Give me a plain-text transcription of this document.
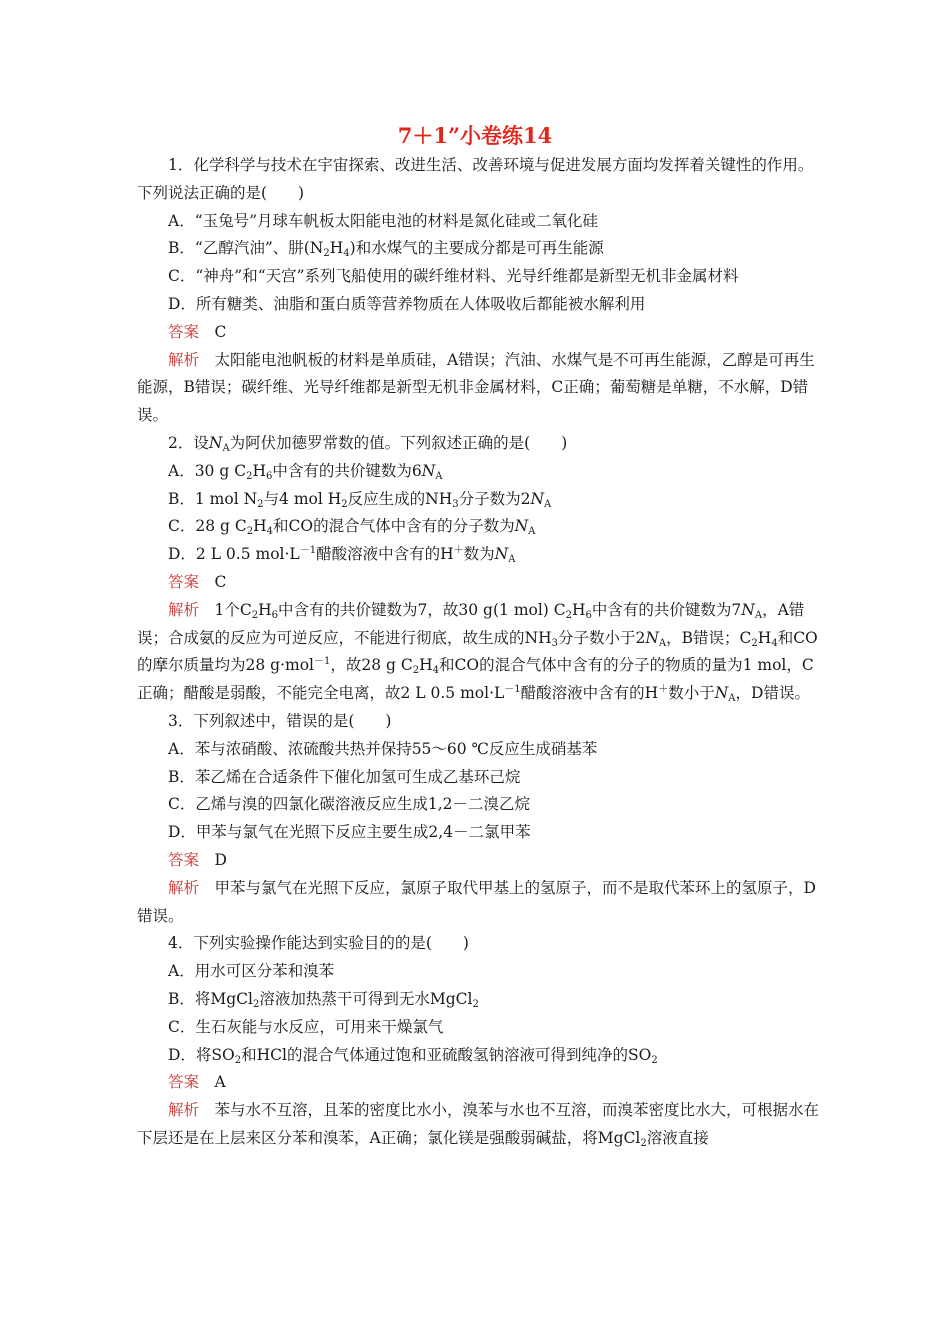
7＋1”小卷练14

1．化学科学与技术在宇宙探索、改进生活、改善环境与促进发展方面均发挥着关键性的作用。下列说法正确的是(　　)

A．“玉兔号”月球车帆板太阳能电池的材料是氮化硅或二氧化硅

B．“乙醇汽油”、肼$(N_2H_4)$和水煤气的主要成分都是可再生能源

C．“神舟”和“天宫”系列飞船使用的碳纤维材料、光导纤维都是新型无机非金属材料

D．所有糖类、油脂和蛋白质等营养物质在人体吸收后都能被水解利用

答案　 C

解析　 太阳能电池帆板的材料是单质硅，A错误；汽油、水煤气是不可再生能源，乙醇是可再生能源，B错误；碳纤维、光导纤维都是新型无机非金属材料，C正确；葡萄糖是单糖，不水解，D错误。

2．设$N_A$为阿伏加德罗常数的值。下列叙述正确的是(　　)

A．30 g $C_2H_6$中含有的共价键数为$6N_A$

B．1 mol $N_2$与4 mol $H_2$反应生成的$NH_3$分子数为$2N_A$

C．28 g $C_2H_4$和CO的混合气体中含有的分子数为$N_A$

D．2 L 0.5 $mol\cdot L^{-1}$醋酸溶液中含有的H＋数为$N_A$

答案　 C

解析　 1个$C_2H_6$中含有的共价键数为7，故30 g(1 mol) $C_2H_6$中含有的共价键数为$7N_A$，A错误；合成氨的反应为可逆反应，不能进行彻底，故生成的$NH_3$分子数小于$2N_A$，B错误；$C_2H_4$和CO的摩尔质量均为28 g·mol$^{-1}$，故28 g $C_2H_4$和CO的混合气体中含有的分子的物质的量为1 mol，C正确；醋酸是弱酸，不能完全电离，故2 L 0.5 $mol\cdot L^{-1}$醋酸溶液中含有的H＋数小于$N_A$，D错误。

3．下列叙述中，错误的是(　　)

A．苯与浓硝酸、浓硫酸共热并保持55～60 ℃反应生成硝基苯

B．苯乙烯在合适条件下催化加氢可生成乙基环己烷

C．乙烯与溴的四氯化碳溶液反应生成1,2－二溴乙烷

D．甲苯与氯气在光照下反应主要生成2,4－二氯甲苯

答案　 D

解析　 甲苯与氯气在光照下反应，氯原子取代甲基上的氢原子，而不是取代苯环上的氢原子，D错误。

4．下列实验操作能达到实验目的的是(　　)

A．用水可区分苯和溴苯

B．将MgCl$_2$溶液加热蒸干可得到无水MgCl$_2$

C．生石灰能与水反应，可用来干燥氯气

D．将$SO_2$和HCl的混合气体通过饱和亚硫酸氢钠溶液可得到纯净的$SO_2$

答案　 A

解析　 苯与水不互溶，且苯的密度比水小，溴苯与水也不互溶，而溴苯密度比水大，可根据水在下层还是在上层来区分苯和溴苯，A正确；氯化镁是强酸弱碱盐，将MgCl$_2$溶液直接
